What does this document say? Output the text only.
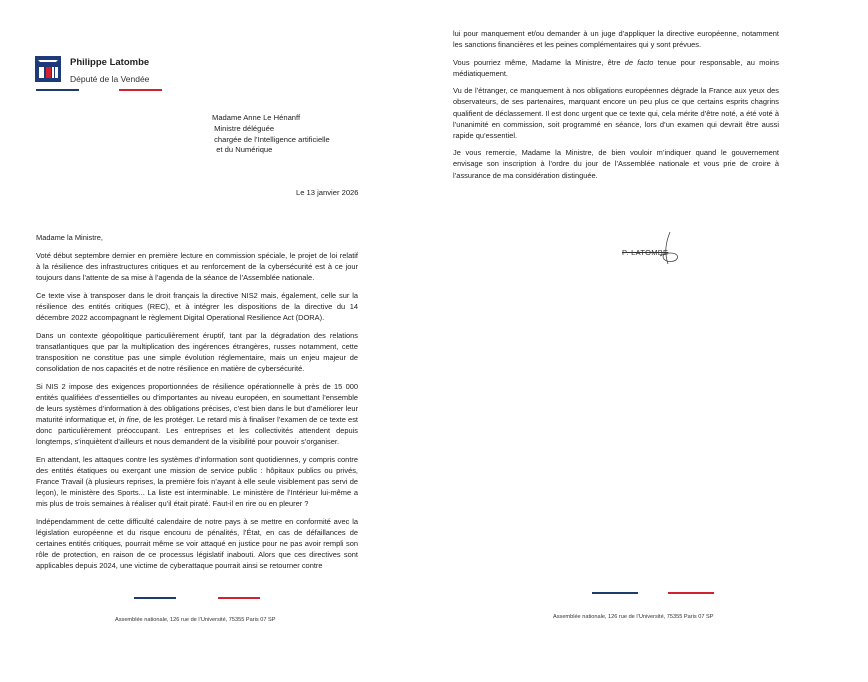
Philippe Latombe
Député de la Vendée
Madame Anne Le Hénanff
Ministre déléguée
chargée de l’Intelligence artificielle
et du Numérique
Le 13 janvier 2026

Madame la Ministre,

Voté début septembre dernier en première lecture en commission spéciale, le projet de loi relatif à la résilience des infrastructures critiques et au renforcement de la cybersécurité est à ce jour toujours dans l’attente de sa mise à l’agenda de la séance de l’Assemblée nationale.

Ce texte vise à transposer dans le droit français la directive NIS2 mais, également, celle sur la résilience des entités critiques (REC), et à intégrer les dispositions de la directive du 14 décembre 2022 accompagnant le règlement Digital Operational Resilience Act (DORA).

Dans un contexte géopolitique particulièrement éruptif, tant par la dégradation des relations transatlantiques que par la multiplication des ingérences étrangères, russes notamment, cette transposition ne constitue pas une simple évolution réglementaire, mais un enjeu majeur de consolidation de nos capacités et de notre résilience en matière de cybersécurité.

Si NIS 2 impose des exigences proportionnées de résilience opérationnelle à près de 15 000 entités qualifiées d’essentielles ou d’importantes au niveau européen, en soumettant l’ensemble de leurs systèmes d’information à des obligations précises, c’est bien dans le but d’améliorer leur maturité informatique et, in fine, de les protéger. Le retard mis à finaliser l’examen de ce texte est donc particulièrement préoccupant. Les entreprises et les collectivités attendent depuis longtemps, s’inquiètent d’ailleurs et nous demandent de la visibilité pour pouvoir s’organiser.

En attendant, les attaques contre les systèmes d’information sont quotidiennes, y compris contre des entités étatiques ou exerçant une mission de service public : hôpitaux publics ou privés, France Travail (à plusieurs reprises, la première fois n’ayant à elle seule visiblement pas servi de leçon), le ministère des Sports... La liste est interminable. Le ministère de l’Intérieur lui-même a mis plus de trois semaines à réaliser qu’il était piraté. Faut-il en rire ou en pleurer ?

Indépendamment de cette difficulté calendaire de notre pays à se mettre en conformité avec la législation européenne et du risque encouru de pénalités, l’État, en cas de défaillances de certaines entités critiques, pourrait même se voir attaqué en justice pour ne pas avoir rempli son rôle de protection, en raison de ce processus législatif inabouti. Alors que ces directives sont applicables depuis 2024, une victime de cyberattaque pourrait ainsi se retourner contre

Assemblée nationale, 126 rue de l’Université, 75355 Paris 07 SP

lui pour manquement et/ou demander à un juge d’appliquer la directive européenne, notamment les sanctions financières et les peines complémentaires qui y sont prévues.

Vous pourriez même, Madame la Ministre, être de facto tenue pour responsable, au moins médiatiquement.

Vu de l’étranger, ce manquement à nos obligations européennes dégrade la France aux yeux des observateurs, de ses partenaires, marquant encore un peu plus ce que certains esprits chagrins qualifient de déclassement. Il est donc urgent que ce texte qui, cela mérite d’être noté, a été voté à l’unanimité en commission, soit programmé en séance, lors d’un examen qui devrait être aussi rapide qu’essentiel.

Je vous remercie, Madame la Ministre, de bien vouloir m’indiquer quand le gouvernement envisage son inscription à l’ordre du jour de l’Assemblée nationale et vous prie de croire à l’assurance de ma considération distinguée.

P. LATOMBE
Assemblée nationale, 126 rue de l’Université, 75355 Paris 07 SP
